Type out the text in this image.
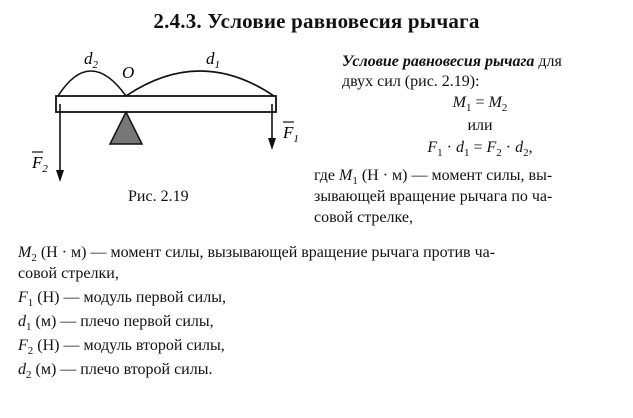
2.4.3. Условие равновесия рычага
$d_2$	$d_1$
O
$F_1$
$F_2$
Рис. 2.19
Условие равновесия рычага для
двух сил (рис. 2.19):
$M_1 = M_2$
или
$F_1 \cdot d_1 = F_2 \cdot d_2$,
где $M_1$ (Н · м) — момент силы, вы-
зывающей вращение рычага по ча-
совой стрелке,
$M_2$ (Н · м) — момент силы, вызывающей вращение рычага против ча-
совой стрелки,
$F_1$ (Н) — модуль первой силы,
$d_1$ (м) — плечо первой силы,
$F_2$ (Н) — модуль второй силы,
$d_2$ (м) — плечо второй силы.
